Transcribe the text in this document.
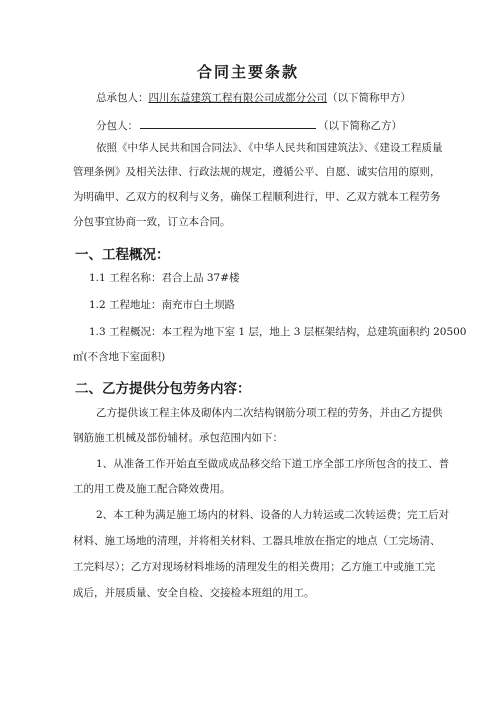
合同主要条款
总承包人：四川东益建筑工程有限公司成都分公司（以下简称甲方）
分包人：	（以下简称乙方）
依照《中华人民共和国合同法》、《中华人民共和国建筑法》、《建设工程质量
管理条例》及相关法律、行政法规的规定，遵循公平、自愿、诚实信用的原则，
为明确甲、乙双方的权利与义务，确保工程顺利进行，甲、乙双方就本工程劳务
分包事宜协商一致，订立本合同。
一、工程概况：
1.1 工程名称：君合上品 37#楼
1.2 工程地址：南充市白土坝路
1.3 工程概况：本工程为地下室 1 层，地上 3 层框架结构，总建筑面积约 20500
㎡(不含地下室面积)
二、乙方提供分包劳务内容：
乙方提供该工程主体及砌体内二次结构钢筋分项工程的劳务，并由乙方提供
钢筋施工机械及部份辅材。承包范围内如下：
1、从准备工作开始直至做成成品移交给下道工序全部工序所包含的技工、普
工的用工费及施工配合降效费用。
2、本工种为满足施工场内的材料、设备的人力转运或二次转运费；完工后对
材料、施工场地的清理，并将相关材料、工器具堆放在指定的地点（工完场清、
工完料尽）；乙方对现场材料堆场的清理发生的相关费用；乙方施工中或施工完
成后，并展质量、安全自检、交接检本班组的用工。
